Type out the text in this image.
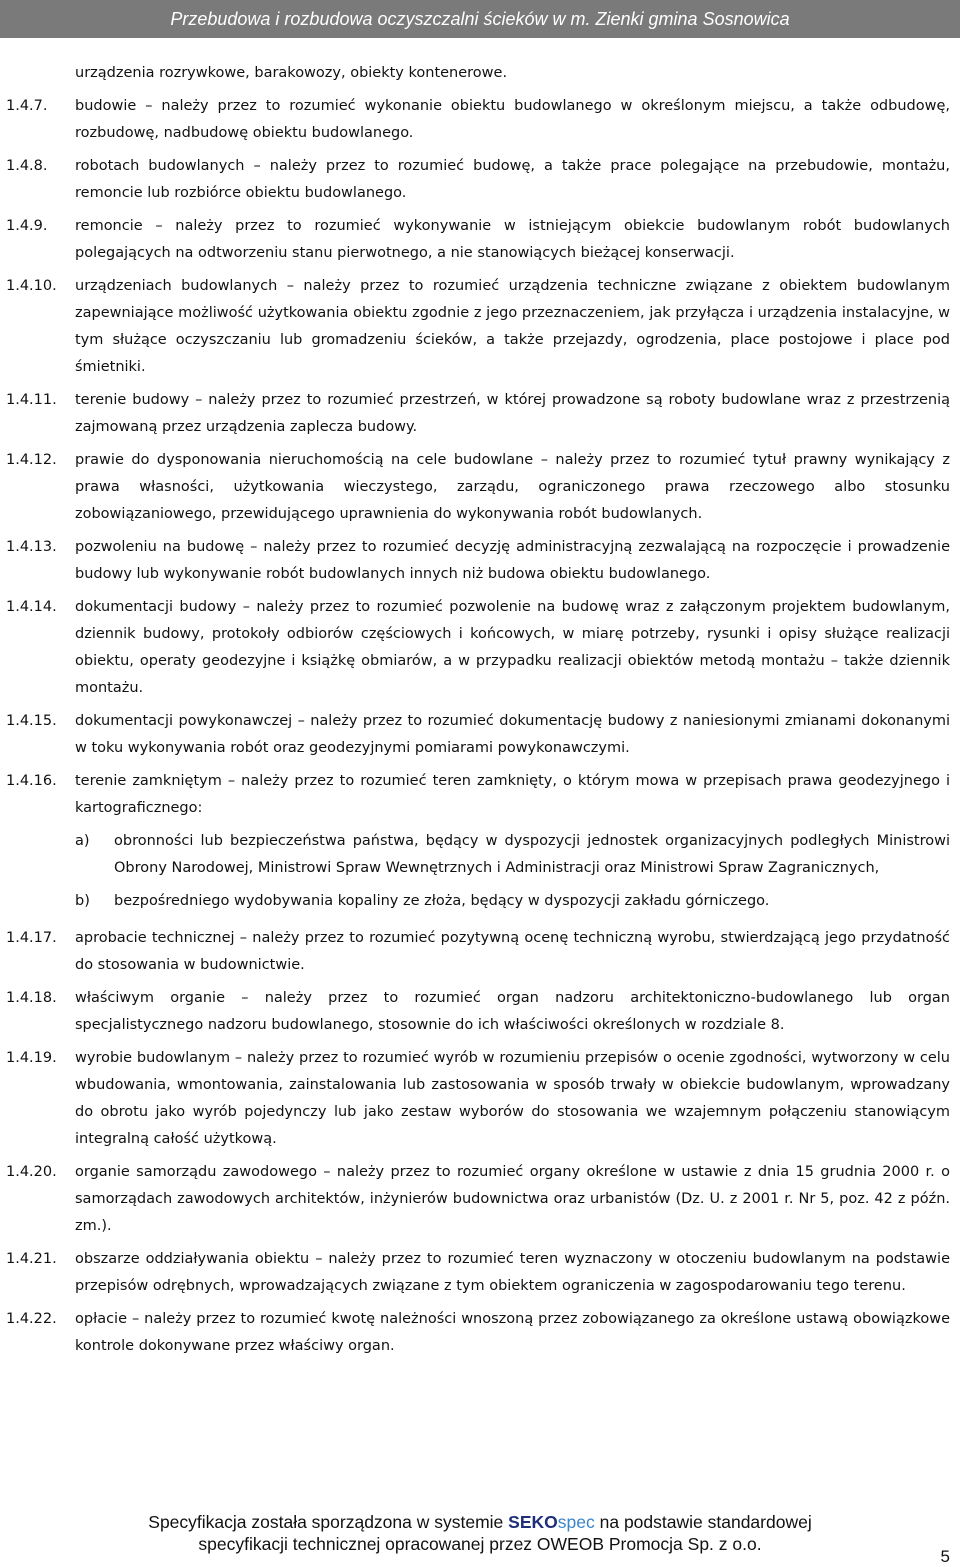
Przebudowa i rozbudowa oczyszczalni ścieków w m. Zienki gmina Sosnowica
urządzenia rozrywkowe, barakowozy, obiekty kontenerowe.
1.4.7.	budowie – należy przez to rozumieć wykonanie obiektu budowlanego w określonym miejscu, a także odbudowę, rozbudowę, nadbudowę obiektu budowlanego.
1.4.8.	robotach budowlanych – należy przez to rozumieć budowę, a także prace polegające na przebudowie, montażu, remoncie lub rozbiórce obiektu budowlanego.
1.4.9.	remoncie – należy przez to rozumieć wykonywanie w istniejącym obiekcie budowlanym robót budowlanych polegających na odtworzeniu stanu pierwotnego, a nie stanowiących bieżącej konserwacji.
1.4.10.	urządzeniach budowlanych – należy przez to rozumieć urządzenia techniczne związane z obiektem budowlanym zapewniające możliwość użytkowania obiektu zgodnie z jego przeznaczeniem, jak przyłącza i urządzenia instalacyjne, w tym służące oczyszczaniu lub gromadzeniu ścieków, a także przejazdy, ogrodzenia, place postojowe i place pod śmietniki.
1.4.11.	terenie budowy – należy przez to rozumieć przestrzeń, w której prowadzone są roboty budowlane wraz z przestrzenią zajmowaną przez urządzenia zaplecza budowy.
1.4.12.	prawie do dysponowania nieruchomością na cele budowlane – należy przez to rozumieć tytuł prawny wynikający z prawa własności, użytkowania wieczystego, zarządu, ograniczonego prawa rzeczowego albo stosunku zobowiązaniowego, przewidującego uprawnienia do wykonywania robót budowlanych.
1.4.13.	pozwoleniu na budowę – należy przez to rozumieć decyzję administracyjną zezwalającą na rozpoczęcie i prowadzenie budowy lub wykonywanie robót budowlanych innych niż budowa obiektu budowlanego.
1.4.14.	dokumentacji budowy – należy przez to rozumieć pozwolenie na budowę wraz z załączonym projektem budowlanym, dziennik budowy, protokoły odbiorów częściowych i końcowych, w miarę potrzeby, rysunki i opisy służące realizacji obiektu, operaty geodezyjne i książkę obmiarów, a w przypadku realizacji obiektów metodą montażu – także dziennik montażu.
1.4.15.	dokumentacji powykonawczej – należy przez to rozumieć dokumentację budowy z naniesionymi zmianami dokonanymi w toku wykonywania robót oraz geodezyjnymi pomiarami powykonawczymi.
1.4.16.	terenie zamkniętym – należy przez to rozumieć teren zamknięty, o którym mowa w przepisach prawa geodezyjnego i kartograficznego:
a)	obronności lub bezpieczeństwa państwa, będący w dyspozycji jednostek organizacyjnych podległych Ministrowi Obrony Narodowej, Ministrowi Spraw Wewnętrznych i Administracji oraz Ministrowi Spraw Zagranicznych,
b)	bezpośredniego wydobywania kopaliny ze złoża, będący w dyspozycji zakładu górniczego.
1.4.17.	aprobacie technicznej – należy przez to rozumieć pozytywną ocenę techniczną wyrobu, stwierdzającą jego przydatność do stosowania w budownictwie.
1.4.18.	właściwym organie – należy przez to rozumieć organ nadzoru architektoniczno-budowlanego lub organ specjalistycznego nadzoru budowlanego, stosownie do ich właściwości określonych w rozdziale 8.
1.4.19.	wyrobie budowlanym – należy przez to rozumieć wyrób w rozumieniu przepisów o ocenie zgodności, wytworzony w celu wbudowania, wmontowania, zainstalowania lub zastosowania w sposób trwały w obiekcie budowlanym, wprowadzany do obrotu jako wyrób pojedynczy lub jako zestaw wyborów do stosowania we wzajemnym połączeniu stanowiącym integralną całość użytkową.
1.4.20.	organie samorządu zawodowego – należy przez to rozumieć organy określone w ustawie z dnia 15 grudnia 2000 r. o samorządach zawodowych architektów, inżynierów budownictwa oraz urbanistów (Dz. U. z 2001 r. Nr 5, poz. 42 z późn. zm.).
1.4.21.	obszarze oddziaływania obiektu – należy przez to rozumieć teren wyznaczony w otoczeniu budowlanym na podstawie przepisów odrębnych, wprowadzających związane z tym obiektem ograniczenia w zagospodarowaniu tego terenu.
1.4.22.	opłacie – należy przez to rozumieć kwotę należności wnoszoną przez zobowiązanego za określone ustawą obowiązkowe kontrole dokonywane przez właściwy organ.
Specyfikacja została sporządzona w systemie SEKOspec na podstawie standardowej
specyfikacji technicznej opracowanej przez OWEOB Promocja Sp. z o.o.
5
